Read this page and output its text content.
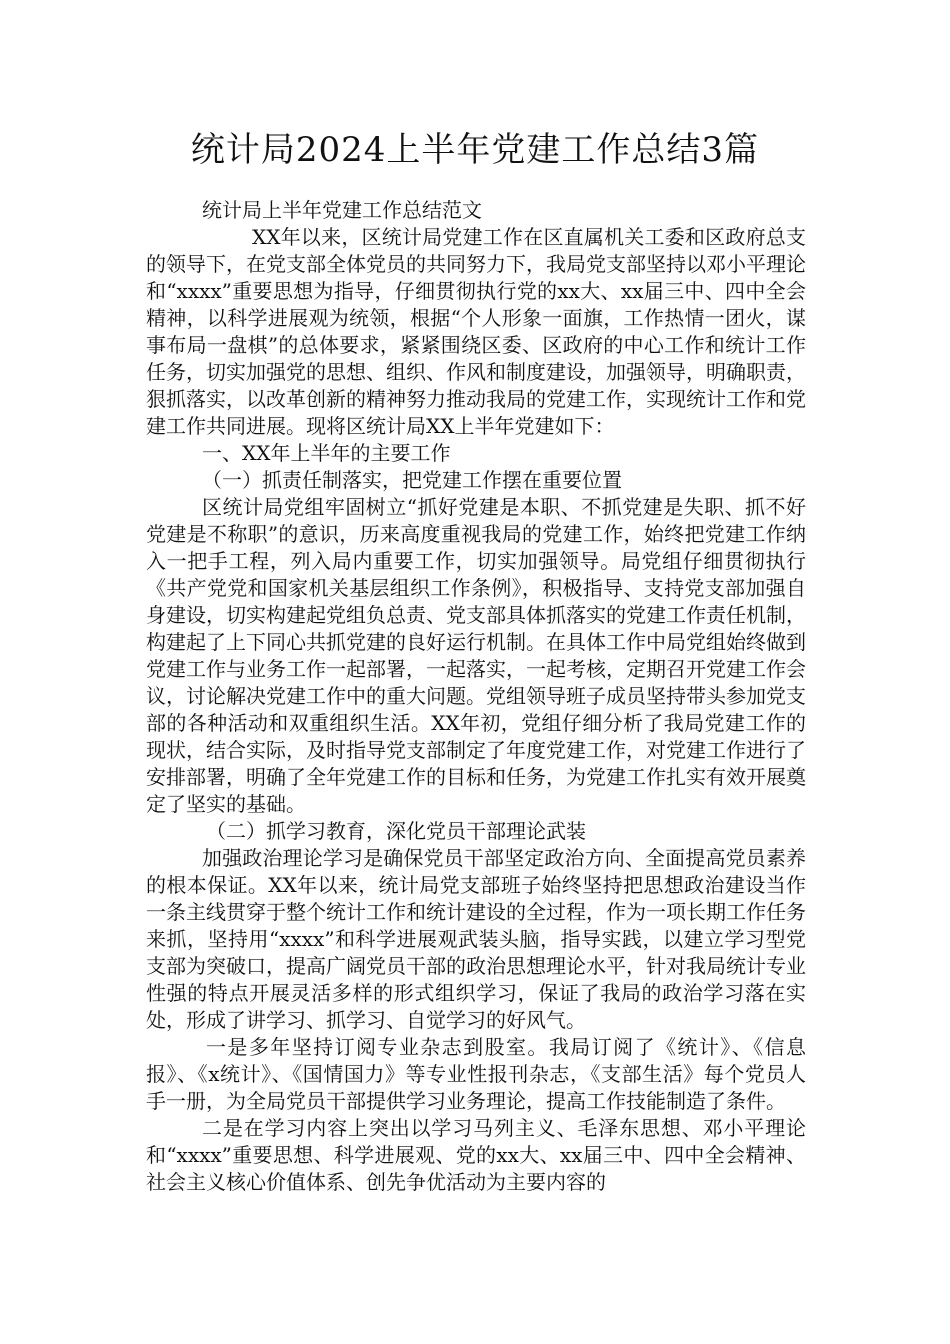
统计局2024上半年党建工作总结3篇

统计局上半年党建工作总结范文

XX年以来，区统计局党建工作在区直属机关工委和区政府总支的领导下，在党支部全体党员的共同努力下，我局党支部坚持以邓小平理论和“xxxx”重要思想为指导，仔细贯彻执行党的xx大、xx届三中、四中全会精神，以科学进展观为统领，根据“个人形象一面旗，工作热情一团火，谋事布局一盘棋”的总体要求，紧紧围绕区委、区政府的中心工作和统计工作任务，切实加强党的思想、组织、作风和制度建设，加强领导，明确职责，狠抓落实，以改革创新的精神努力推动我局的党建工作，实现统计工作和党建工作共同进展。现将区统计局XX上半年党建如下：

一、XX年上半年的主要工作

（一）抓责任制落实，把党建工作摆在重要位置

区统计局党组牢固树立“抓好党建是本职、不抓党建是失职、抓不好党建是不称职”的意识，历来高度重视我局的党建工作，始终把党建工作纳入一把手工程，列入局内重要工作，切实加强领导。局党组仔细贯彻执行《共产党党和国家机关基层组织工作条例》，积极指导、支持党支部加强自身建设，切实构建起党组负总责、党支部具体抓落实的党建工作责任机制，构建起了上下同心共抓党建的良好运行机制。在具体工作中局党组始终做到党建工作与业务工作一起部署，一起落实，一起考核，定期召开党建工作会议，讨论解决党建工作中的重大问题。党组领导班子成员坚持带头参加党支部的各种活动和双重组织生活。XX年初，党组仔细分析了我局党建工作的现状，结合实际，及时指导党支部制定了年度党建工作，对党建工作进行了安排部署，明确了全年党建工作的目标和任务，为党建工作扎实有效开展奠定了坚实的基础。

（二）抓学习教育，深化党员干部理论武装

加强政治理论学习是确保党员干部坚定政治方向、全面提高党员素养的根本保证。XX年以来，统计局党支部班子始终坚持把思想政治建设当作一条主线贯穿于整个统计工作和统计建设的全过程，作为一项长期工作任务来抓，坚持用“xxxx”和科学进展观武装头脑，指导实践，以建立学习型党支部为突破口，提高广阔党员干部的政治思想理论水平，针对我局统计专业性强的特点开展灵活多样的形式组织学习，保证了我局的政治学习落在实处，形成了讲学习、抓学习、自觉学习的好风气。

一是多年坚持订阅专业杂志到股室。我局订阅了《统计》、《信息报》、《x统计》、《国情国力》等专业性报刊杂志，《支部生活》每个党员人手一册，为全局党员干部提供学习业务理论，提高工作技能制造了条件。

二是在学习内容上突出以学习马列主义、毛泽东思想、邓小平理论和“xxxx”重要思想、科学进展观、党的xx大、xx届三中、四中全会精神、社会主义核心价值体系、创先争优活动为主要内容的
